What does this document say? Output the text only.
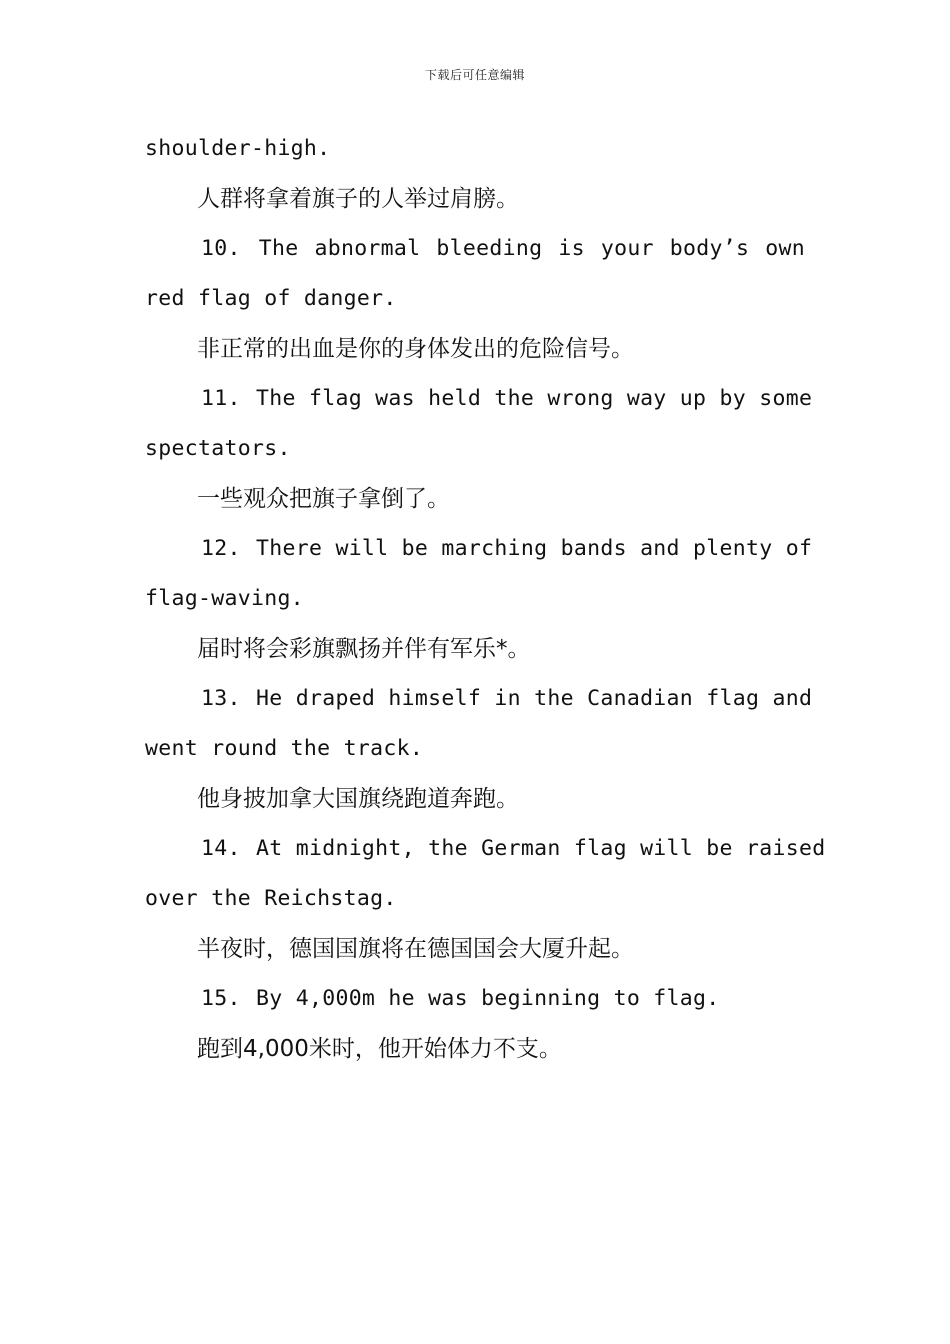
下载后可任意编辑
shoulder-high.
人群将拿着旗子的人举过肩膀。
10. The abnormal bleeding is your body’s own
red flag of danger.
非正常的出血是你的身体发出的危险信号。
11. The flag was held the wrong way up by some
spectators.
一些观众把旗子拿倒了。
12. There will be marching bands and plenty of
flag-waving.
届时将会彩旗飘扬并伴有军乐*。
13. He draped himself in the Canadian flag and
went round the track.
他身披加拿大国旗绕跑道奔跑。
14. At midnight, the German flag will be raised
over the Reichstag.
半夜时，德国国旗将在德国国会大厦升起。
15. By 4,000m he was beginning to flag.
跑到4,000米时，他开始体力不支。
